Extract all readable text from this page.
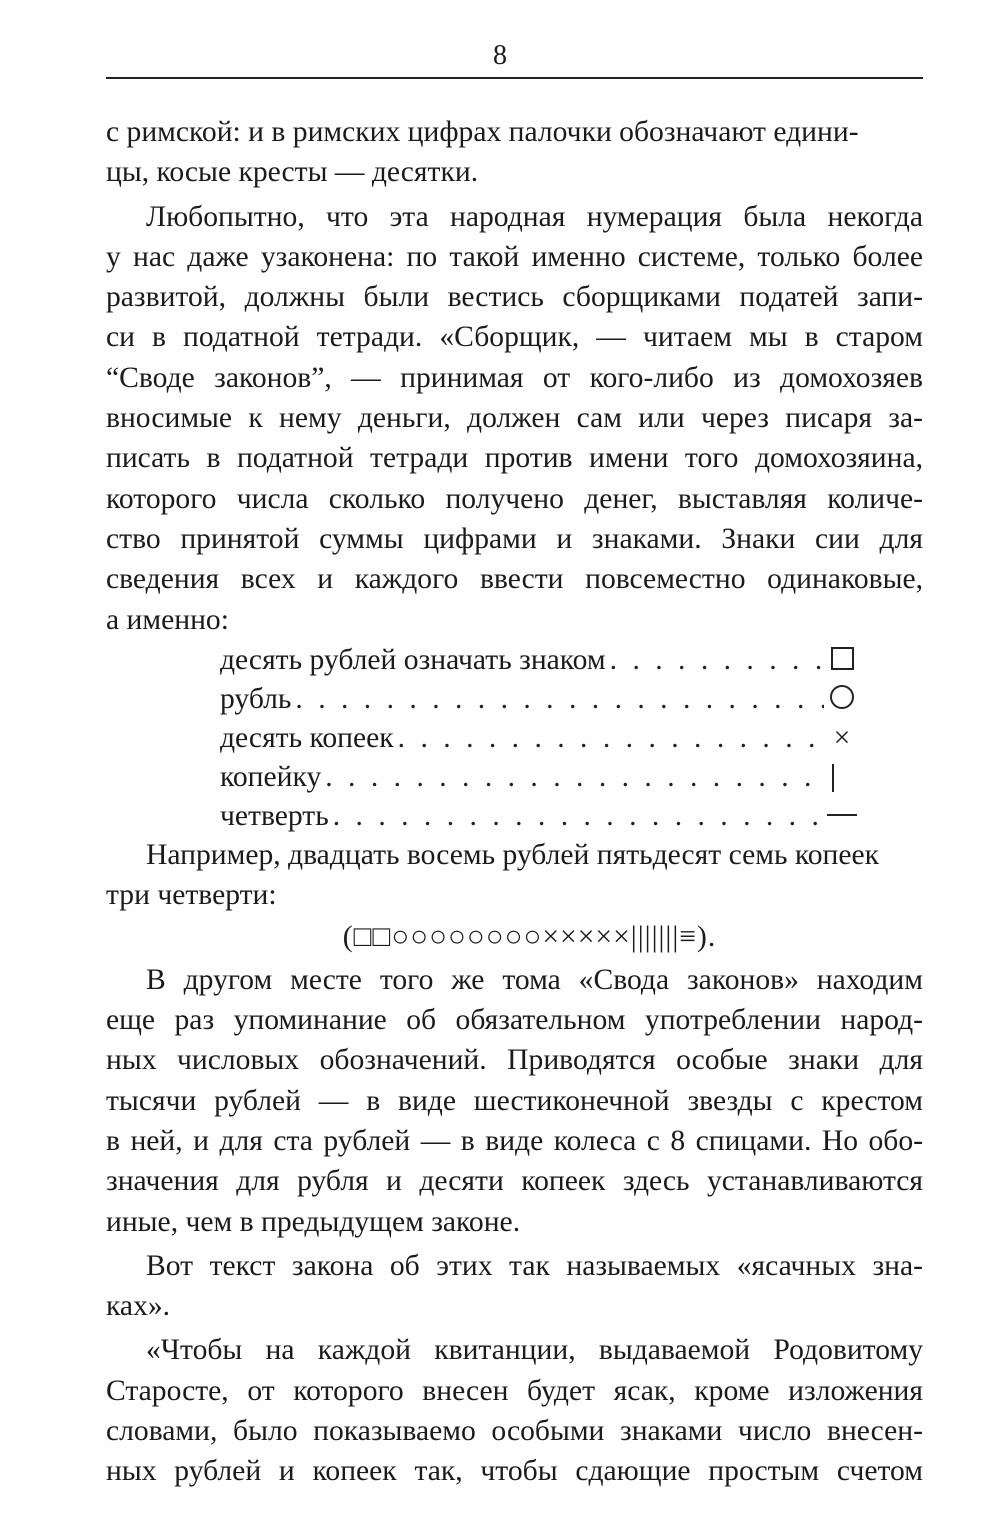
8

с римской: и в римских цифрах палочки обозначают едини-
цы, косые кресты — десятки.

Любопытно, что эта народная нумерация была некогда
у нас даже узаконена: по такой именно системе, только более
развитой, должны были вестись сборщиками податей запи-
си в податной тетради. «Сборщик, — читаем мы в старом
“Своде законов”, — принимая от кого-либо из домохозяев
вносимые к нему деньги, должен сам или через писаря за-
писать в податной тетради против имени того домохозяина,
которого числа сколько получено денег, выставляя количе-
ство принятой суммы цифрами и знаками. Знаки сии для
сведения всех и каждого ввести повсеместно одинаковые,
а именно:

десять рублей означать знаком
. . .
рубль
. . .
десять копеек
. . .	×
копейку
. . .
четверть
. . .

Например, двадцать восемь рублей пятьдесят семь копеек
три четверти:

(□□○○○○○○○○×××××|||||||≡).

В другом месте того же тома «Свода законов» находим
еще раз упоминание об обязательном употреблении народ-
ных числовых обозначений. Приводятся особые знаки для
тысячи рублей — в виде шестиконечной звезды с крестом
в ней, и для ста рублей — в виде колеса с 8 спицами. Но обо-
значения для рубля и десяти копеек здесь устанавливаются
иные, чем в предыдущем законе.

Вот текст закона об этих так называемых «ясачных зна-
ках».

«Чтобы на каждой квитанции, выдаваемой Родовитому
Старосте, от которого внесен будет ясак, кроме изложения
словами, было показываемо особыми знаками число внесен-
ных рублей и копеек так, чтобы сдающие простым счетом
